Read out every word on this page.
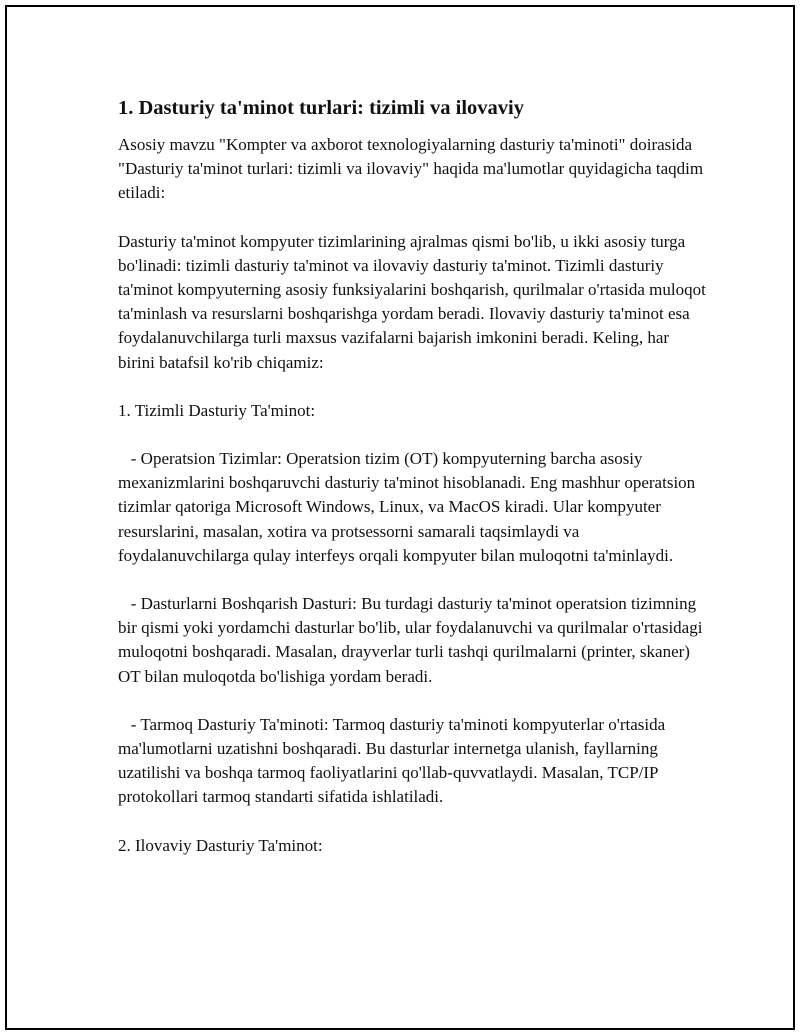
1. Dasturiy ta'minot turlari: tizimli va ilovaviy

Asosiy mavzu "Kompter va axborot texnologiyalarning dasturiy ta'minoti" doirasida "Dasturiy ta'minot turlari: tizimli va ilovaviy" haqida ma'lumotlar quyidagicha taqdim etiladi:

Dasturiy ta'minot kompyuter tizimlarining ajralmas qismi bo'lib, u ikki asosiy turga bo'linadi: tizimli dasturiy ta'minot va ilovaviy dasturiy ta'minot. Tizimli dasturiy ta'minot kompyuterning asosiy funksiyalarini boshqarish, qurilmalar o'rtasida muloqot ta'minlash va resurslarni boshqarishga yordam beradi. Ilovaviy dasturiy ta'minot esa foydalanuvchilarga turli maxsus vazifalarni bajarish imkonini beradi. Keling, har birini batafsil ko'rib chiqamiz:

1. Tizimli Dasturiy Ta'minot:

- Operatsion Tizimlar: Operatsion tizim (OT) kompyuterning barcha asosiy mexanizmlarini boshqaruvchi dasturiy ta'minot hisoblanadi. Eng mashhur operatsion tizimlar qatoriga Microsoft Windows, Linux, va MacOS kiradi. Ular kompyuter resurslarini, masalan, xotira va protsessorni samarali taqsimlaydi va foydalanuvchilarga qulay interfeys orqali kompyuter bilan muloqotni ta'minlaydi.

- Dasturlarni Boshqarish Dasturi: Bu turdagi dasturiy ta'minot operatsion tizimning bir qismi yoki yordamchi dasturlar bo'lib, ular foydalanuvchi va qurilmalar o'rtasidagi muloqotni boshqaradi. Masalan, drayverlar turli tashqi qurilmalarni (printer, skaner) OT bilan muloqotda bo'lishiga yordam beradi.

- Tarmoq Dasturiy Ta'minoti: Tarmoq dasturiy ta'minoti kompyuterlar o'rtasida ma'lumotlarni uzatishni boshqaradi. Bu dasturlar internetga ulanish, fayllarning uzatilishi va boshqa tarmoq faoliyatlarini qo'llab-quvvatlaydi. Masalan, TCP/IP protokollari tarmoq standarti sifatida ishlatiladi.

2. Ilovaviy Dasturiy Ta'minot:
